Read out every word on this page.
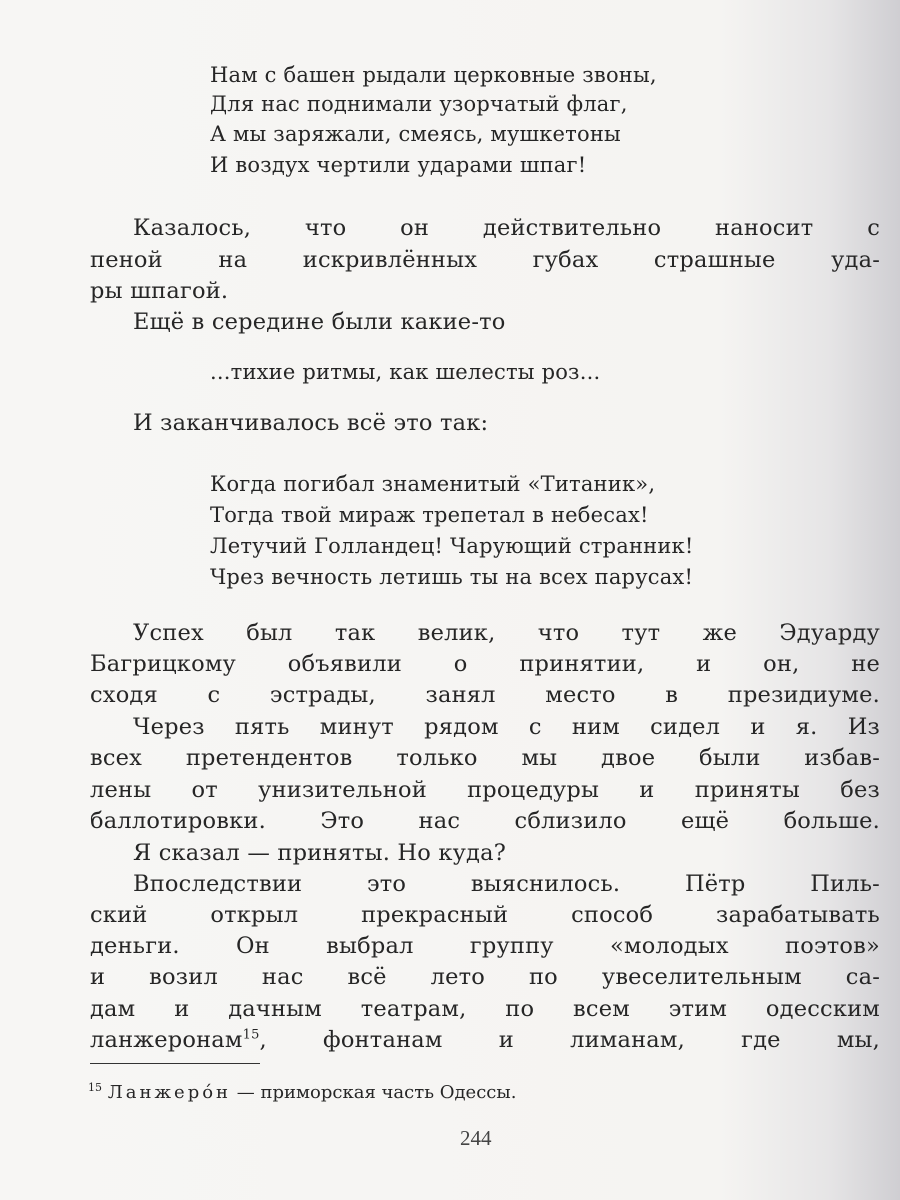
Нам с башен рыдали церковные звоны,
Для нас поднимали узорчатый флаг,
А мы заряжали, смеясь, мушкетоны
И воздух чертили ударами шпаг!
Казалось, что он действительно наносит с
пеной на искривлённых губах страшные уда-
ры шпагой.
Ещё в середине были какие-то
...тихие ритмы, как шелесты роз...
И заканчивалось всё это так:
Когда погибал знаменитый «Титаник»,
Тогда твой мираж трепетал в небесах!
Летучий Голландец! Чарующий странник!
Чрез вечность летишь ты на всех парусах!
Успех был так велик, что тут же Эдуарду
Багрицкому объявили о принятии, и он, не
сходя с эстрады, занял место в президиуме.
Через пять минут рядом с ним сидел и я. Из
всех претендентов только мы двое были избав-
лены от унизительной процедуры и приняты без
баллотировки. Это нас сблизило ещё больше.
Я сказал — приняты. Но куда?
Впоследствии это выяснилось. Пётр Пиль-
ский открыл прекрасный способ зарабатывать
деньги. Он выбрал группу «молодых поэтов»
и возил нас всё лето по увеселительным са-
дам и дачным театрам, по всем этим одесским
ланжеронам$^{15}$, фонтанам и лиманам, где мы,
$^{15}$ Ланжеро́н — приморская часть Одессы.
244
